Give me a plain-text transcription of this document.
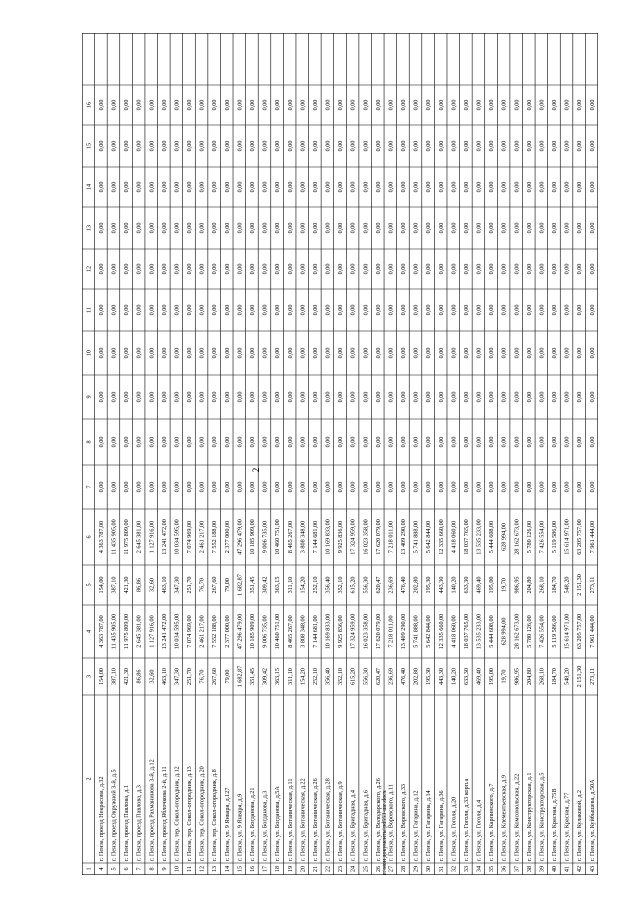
2
c:\мои документы\pd553-ше.docx
1
2
3
4
5
6
7
8
9
10
11
12
13
14
15
16
4
г. Пенза, проезд Некрасова, д.32
154,00
4 363 787,00
154,00
4 363 787,00
0,00
0,00
0,00
0,00
0,00
0,00
0,00
0,00
0,00
0,00
5
г. Пенза, проезд Окружной 3-й, д.5
387,10
11 435 905,00
387,10
11 435 905,00
0,00
0,00
0,00
0,00
0,00
0,00
0,00
0,00
0,00
0,00
6
г. Пенза, проезд Павлова, д.1
421,30
11 975 809,00
421,30
11 975 809,00
0,00
0,00
0,00
0,00
0,00
0,00
0,00
0,00
0,00
0,00
7
г. Пенза, проезд Павлова, д.3
86,86
2 645 381,00
86,86
2 645 381,00
0,00
0,00
0,00
0,00
0,00
0,00
0,00
0,00
0,00
0,00
8
г. Пенза, проезд Рахманинова 3-й, д.12
32,60
1 127 916,00
32,60
1 127 916,00
0,00
0,00
0,00
0,00
0,00
0,00
0,00
0,00
0,00
0,00
9
г. Пенза, проезд Яблочкова 2-й, д.11
463,10
13 241 472,00
463,10
13 241 472,00
0,00
0,00
0,00
0,00
0,00
0,00
0,00
0,00
0,00
0,00
10
г. Пенза, тер. Сокол-огородник, д.12
347,30
10 034 595,00
347,30
10 034 595,00
0,00
0,00
0,00
0,00
0,00
0,00
0,00
0,00
0,00
0,00
11
г. Пенза, тер. Сокол-огородник, д.13
251,70
7 074 969,00
251,70
7 074 969,00
0,00
0,00
0,00
0,00
0,00
0,00
0,00
0,00
0,00
0,00
12
г. Пенза, тер. Сокол-огородник, д.20
76,70
2 461 217,00
76,70
2 461 217,00
0,00
0,00
0,00
0,00
0,00
0,00
0,00
0,00
0,00
0,00
13
г. Пенза, тер. Сокол-огородник, д.8
267,60
7 552 188,00
267,60
7 552 188,00
0,00
0,00
0,00
0,00
0,00
0,00
0,00
0,00
0,00
0,00
14
г. Пенза, ул. 9 Января, д.127
79,00
2 377 000,00
79,00
2 377 000,00
0,00
0,00
0,00
0,00
0,00
0,00
0,00
0,00
0,00
0,00
15
г. Пенза, ул. 9 Января, д.9
1 682,87
47 296 479,00
1 682,87
47 296 479,00
0,00
0,00
0,00
0,00
0,00
0,00
0,00
0,00
0,00
0,00
16
г. Пенза, ул. Богданова, д.21
351,45
10 185 909,00
351,45
10 185 909,00
0,00
0,00
0,00
0,00
0,00
0,00
0,00
0,00
0,00
0,00
17
г. Пенза, ул. Богданова, д.3
309,42
9 006 735,00
309,42
9 006 735,00
0,00
0,00
0,00
0,00
0,00
0,00
0,00
0,00
0,00
0,00
18
г. Пенза, ул. Богданова, д.5А
363,15
10 460 751,00
363,15
10 460 751,00
0,00
0,00
0,00
0,00
0,00
0,00
0,00
0,00
0,00
0,00
19
г. Пенза, ул. Ботаническая, д.11
311,10
8 465 267,00
311,10
8 465 267,00
0,00
0,00
0,00
0,00
0,00
0,00
0,00
0,00
0,00
0,00
20
г. Пенза, ул. Ботаническая, д.22
154,20
3 808 348,00
154,20
3 808 348,00
0,00
0,00
0,00
0,00
0,00
0,00
0,00
0,00
0,00
0,00
21
г. Пенза, ул. Ботаническая, д.26
252,10
7 144 681,00
252,10
7 144 681,00
0,00
0,00
0,00
0,00
0,00
0,00
0,00
0,00
0,00
0,00
22
г. Пенза, ул. Ботаническая, д.28
356,40
10 169 833,00
356,40
10 169 833,00
0,00
0,00
0,00
0,00
0,00
0,00
0,00
0,00
0,00
0,00
23
г. Пенза, ул. Ботаническая, д.9
352,10
9 925 836,00
352,10
9 925 836,00
0,00
0,00
0,00
0,00
0,00
0,00
0,00
0,00
0,00
0,00
24
г. Пенза, ул. Бригадная, д.4
615,20
17 324 959,00
615,20
17 324 959,00
0,00
0,00
0,00
0,00
0,00
0,00
0,00
0,00
0,00
0,00
25
г. Пенза, ул. Бригадная, д.6
556,30
16 023 358,00
556,30
16 023 358,00
0,00
0,00
0,00
0,00
0,00
0,00
0,00
0,00
0,00
0,00
26
г. Пенза, ул. Володарского, д.26
620,47
17 620 079,00
620,47
17 620 079,00
0,00
0,00
0,00
0,00
0,00
0,00
0,00
0,00
0,00
0,00
27
г. Пенза, ул. Воровского, д.11
236,69
7 218 011,00
236,69
7 218 011,00
0,00
0,00
0,00
0,00
0,00
0,00
0,00
0,00
0,00
0,00
28
г. Пенза, ул. Воровского, д.33
476,40
13 409 290,00
476,40
13 409 290,00
0,00
0,00
0,00
0,00
0,00
0,00
0,00
0,00
0,00
0,00
29
г. Пенза, ул. Гагарина, д.12
202,80
5 741 888,00
202,80
5 741 888,00
0,00
0,00
0,00
0,00
0,00
0,00
0,00
0,00
0,00
0,00
30
г. Пенза, ул. Гагарина, д.14
195,30
5 642 844,00
195,30
5 642 844,00
0,00
0,00
0,00
0,00
0,00
0,00
0,00
0,00
0,00
0,00
31
г. Пенза, ул. Гагарина, д.36
443,30
12 335 660,00
443,30
12 335 660,00
0,00
0,00
0,00
0,00
0,00
0,00
0,00
0,00
0,00
0,00
32
г. Пенза, ул. Гоголя, д.20
140,20
4 418 060,00
140,20
4 418 060,00
0,00
0,00
0,00
0,00
0,00
0,00
0,00
0,00
0,00
0,00
33
г. Пенза, ул. Гоголя, д.33 корп.а
633,30
18 037 765,00
633,30
18 037 765,00
0,00
0,00
0,00
0,00
0,00
0,00
0,00
0,00
0,00
0,00
34
г. Пенза, ул. Гоголя, д.4
469,40
13 535 233,00
469,40
13 535 233,00
0,00
0,00
0,00
0,00
0,00
0,00
0,00
0,00
0,00
0,00
35
г. Пенза, ул. Карпинского, д.7
195,00
5 444 608,00
195,00
5 444 608,00
0,00
0,00
0,00
0,00
0,00
0,00
0,00
0,00
0,00
0,00
36
г. Пенза, ул. Клементьевская, д.9
19,70
628 994,00
19,70
628 994,00
0,00
0,00
0,00
0,00
0,00
0,00
0,00
0,00
0,00
0,00
37
г. Пенза, ул. Комсомольская, д.22
986,95
28 162 673,00
986,95
28 162 673,00
0,00
0,00
0,00
0,00
0,00
0,00
0,00
0,00
0,00
0,00
38
г. Пенза, ул. Конструкторская, д.1
204,80
5 780 126,00
204,80
5 780 126,00
0,00
0,00
0,00
0,00
0,00
0,00
0,00
0,00
0,00
0,00
39
г. Пенза, ул. Конструкторская, д.5
268,10
7 426 554,00
268,10
7 426 554,00
0,00
0,00
0,00
0,00
0,00
0,00
0,00
0,00
0,00
0,00
40
г. Пенза, ул. Красная, д.75В
184,70
5 119 586,00
184,70
5 119 586,00
0,00
0,00
0,00
0,00
0,00
0,00
0,00
0,00
0,00
0,00
41
г. Пенза, ул. Красная, д.77
548,20
15 614 971,00
548,20
15 614 971,00
0,00
0,00
0,00
0,00
0,00
0,00
0,00
0,00
0,00
0,00
42
г. Пенза, ул. Кулаковой, д.2
2 151,30
63 205 757,00
2 151,30
63 205 757,00
0,00
0,00
0,00
0,00
0,00
0,00
0,00
0,00
0,00
0,00
43
г. Пенза, ул. Куйбышева, д.50А
273,11
7 961 444,00
273,11
7 961 444,00
0,00
0,00
0,00
0,00
0,00
0,00
0,00
0,00
0,00
0,00
